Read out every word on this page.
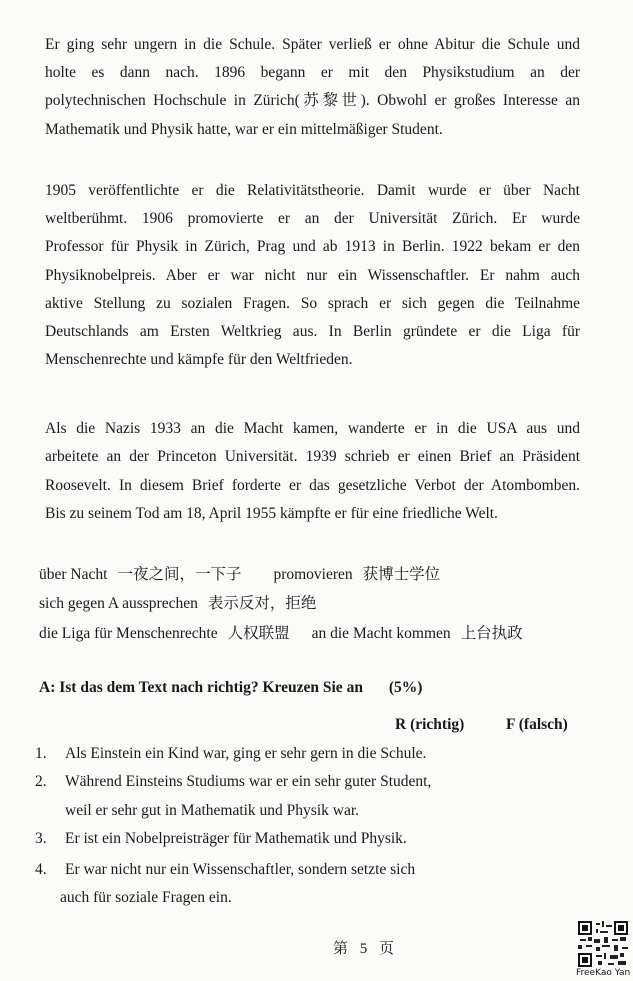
Er ging sehr ungern in die Schule. Später verließ er ohne Abitur die Schule und
holte es dann nach. 1896 begann er mit den Physikstudium an der
polytechnischen Hochschule in Zürich(苏黎世). Obwohl er großes Interesse an
Mathematik und Physik hatte, war er ein mittelmäßiger Student.
1905 veröffentlichte er die Relativitätstheorie. Damit wurde er über Nacht
weltberühmt. 1906 promovierte er an der Universität Zürich. Er wurde
Professor für Physik in Zürich, Prag und ab 1913 in Berlin. 1922 bekam er den
Physiknobelpreis. Aber er war nicht nur ein Wissenschaftler. Er nahm auch
aktive Stellung zu sozialen Fragen. So sprach er sich gegen die Teilnahme
Deutschlands am Ersten Weltkrieg aus. In Berlin gründete er die Liga für
Menschenrechte und kämpfe für den Weltfrieden.
Als die Nazis 1933 an die Macht kamen, wanderte er in die USA aus und
arbeitete an der Princeton Universität. 1939 schrieb er einen Brief an Präsident
Roosevelt. In diesem Brief forderte er das gesetzliche Verbot der Atombomben.
Bis zu seinem Tod am 18, April 1955 kämpfte er für eine friedliche Welt.
über Nacht 一夜之间，一下子 promovieren 获博士学位
sich gegen A aussprechen 表示反对，拒绝
die Liga für Menschenrechte 人权联盟 an die Macht kommen 上台执政
A: Ist das dem Text nach richtig? Kreuzen Sie an (5%)
R (richtig)	F (falsch)
1. Als Einstein ein Kind war, ging er sehr gern in die Schule.
2. Während Einsteins Studiums war er ein sehr guter Student,
weil er sehr gut in Mathematik und Physik war.
3. Er ist ein Nobelpreisträger für Mathematik und Physik.
4. Er war nicht nur ein Wissenschaftler, sondern setzte sich
auch für soziale Fragen ein.
第 5 页
FreeKao Yan
